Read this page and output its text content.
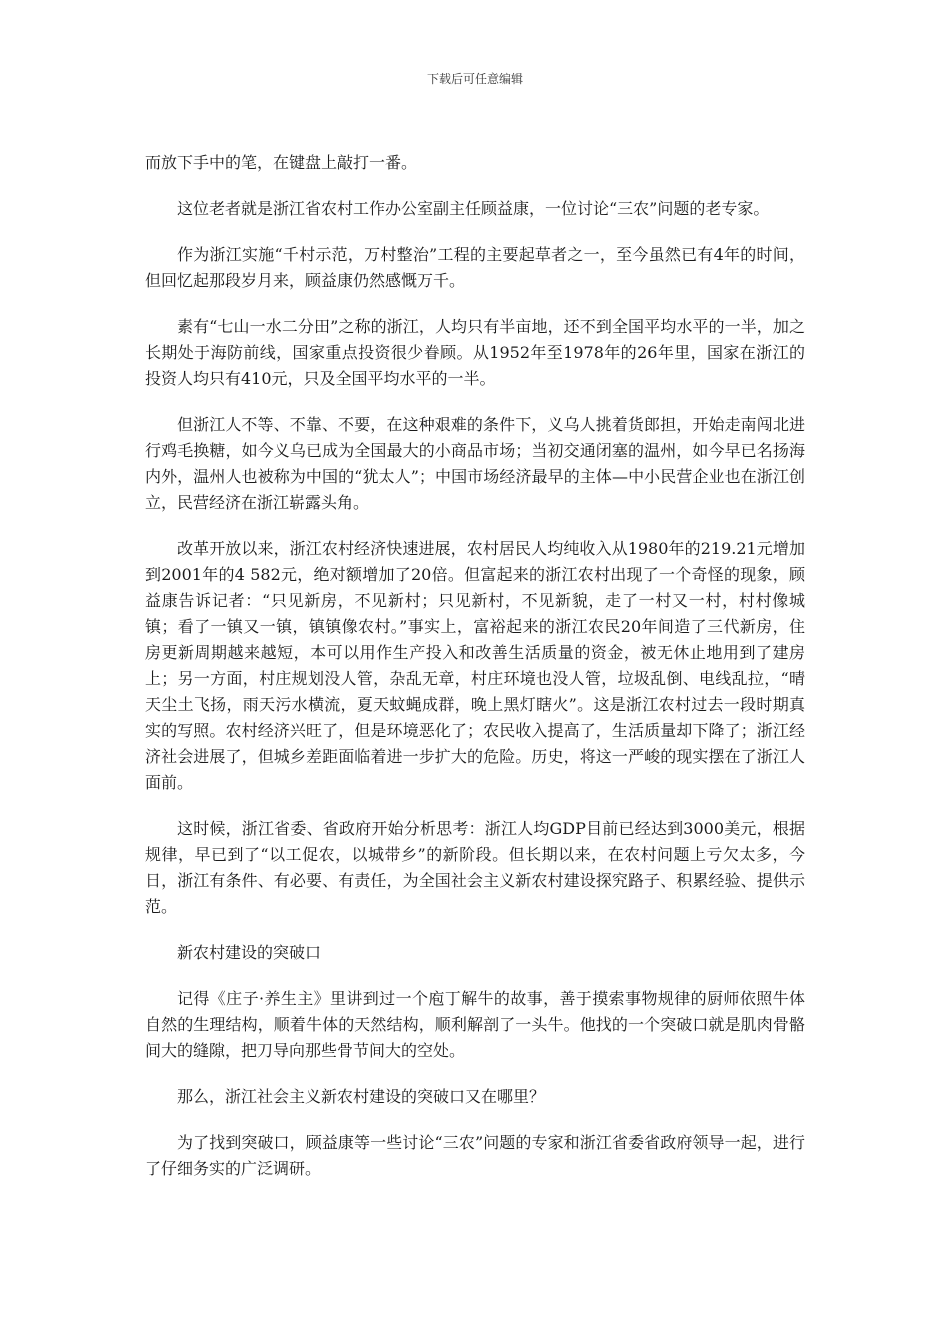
下载后可任意编辑

而放下手中的笔，在键盘上敲打一番。

这位老者就是浙江省农村工作办公室副主任顾益康，一位讨论“三农”问题的老专家。

作为浙江实施“千村示范，万村整治”工程的主要起草者之一，至今虽然已有4年的时间，但回忆起那段岁月来，顾益康仍然感慨万千。

素有“七山一水二分田”之称的浙江，人均只有半亩地，还不到全国平均水平的一半，加之长期处于海防前线，国家重点投资很少眷顾。从1952年至1978年的26年里，国家在浙江的投资人均只有410元，只及全国平均水平的一半。

但浙江人不等、不靠、不要，在这种艰难的条件下，义乌人挑着货郎担，开始走南闯北进行鸡毛换糖，如今义乌已成为全国最大的小商品市场；当初交通闭塞的温州，如今早已名扬海内外，温州人也被称为中国的“犹太人”；中国市场经济最早的主体—中小民营企业也在浙江创立，民营经济在浙江崭露头角。

改革开放以来，浙江农村经济快速进展，农村居民人均纯收入从1980年的219.21元增加到2001年的4 582元，绝对额增加了20倍。但富起来的浙江农村出现了一个奇怪的现象，顾益康告诉记者：“只见新房，不见新村；只见新村，不见新貌，走了一村又一村，村村像城镇；看了一镇又一镇，镇镇像农村。”事实上，富裕起来的浙江农民20年间造了三代新房，住房更新周期越来越短，本可以用作生产投入和改善生活质量的资金，被无休止地用到了建房上；另一方面，村庄规划没人管，杂乱无章，村庄环境也没人管，垃圾乱倒、电线乱拉，“晴天尘土飞扬，雨天污水横流，夏天蚊蝇成群，晚上黑灯瞎火”。这是浙江农村过去一段时期真实的写照。农村经济兴旺了，但是环境恶化了；农民收入提高了，生活质量却下降了；浙江经济社会进展了，但城乡差距面临着进一步扩大的危险。历史，将这一严峻的现实摆在了浙江人面前。

这时候，浙江省委、省政府开始分析思考：浙江人均GDP目前已经达到3000美元，根据规律，早已到了“以工促农，以城带乡”的新阶段。但长期以来，在农村问题上亏欠太多，今日，浙江有条件、有必要、有责任，为全国社会主义新农村建设探究路子、积累经验、提供示范。

新农村建设的突破口

记得《庄子·养生主》里讲到过一个庖丁解牛的故事，善于摸索事物规律的厨师依照牛体自然的生理结构，顺着牛体的天然结构，顺利解剖了一头牛。他找的一个突破口就是肌肉骨骼间大的缝隙，把刀导向那些骨节间大的空处。

那么，浙江社会主义新农村建设的突破口又在哪里？

为了找到突破口，顾益康等一些讨论“三农”问题的专家和浙江省委省政府领导一起，进行了仔细务实的广泛调研。
